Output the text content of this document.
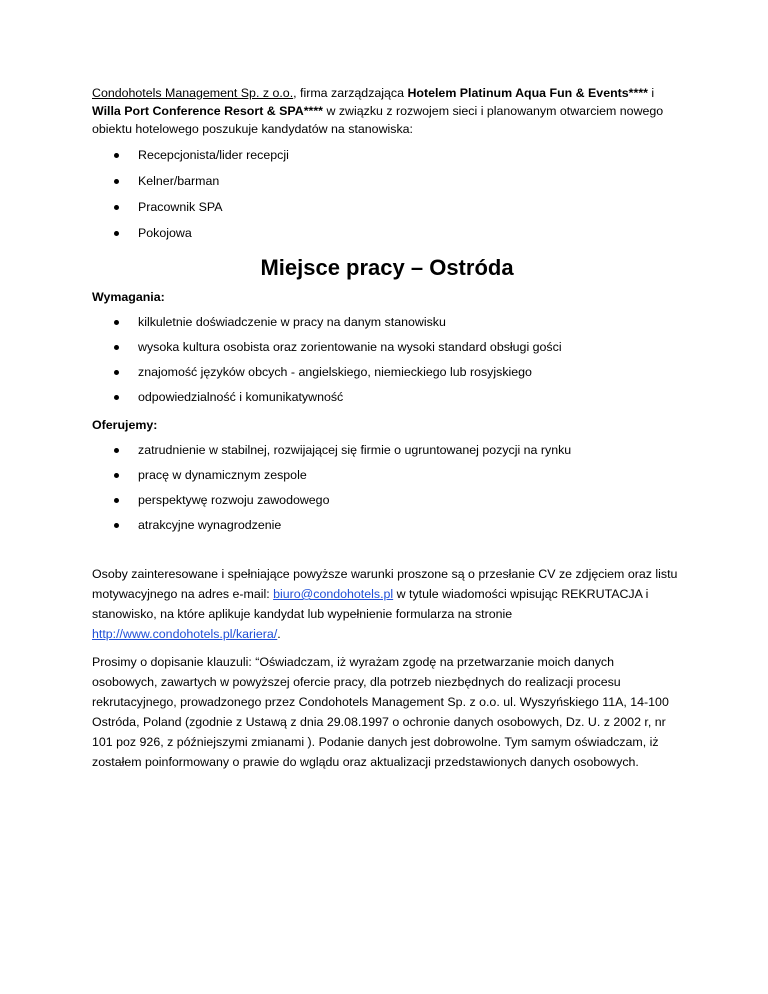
Condohotels Management Sp. z o.o., firma zarządzająca Hotelem Platinum Aqua Fun & Events**** i Willa Port Conference Resort & SPA**** w związku z rozwojem sieci i planowanym otwarciem nowego obiektu hotelowego poszukuje kandydatów na stanowiska:

Recepcjonista/lider recepcji
Kelner/barman
Pracownik SPA
Pokojowa

Miejsce pracy – Ostróda

Wymagania:

kilkuletnie doświadczenie w pracy na danym stanowisku
wysoka kultura osobista oraz zorientowanie na wysoki standard obsługi gości
znajomość języków obcych - angielskiego, niemieckiego lub rosyjskiego
odpowiedzialność i komunikatywność

Oferujemy:

zatrudnienie w stabilnej, rozwijającej się firmie o ugruntowanej pozycji na rynku
pracę w dynamicznym zespole
perspektywę rozwoju zawodowego
atrakcyjne wynagrodzenie

Osoby zainteresowane i spełniające powyższe warunki proszone są o przesłanie CV ze zdjęciem oraz listu motywacyjnego na adres e-mail: biuro@condohotels.pl w tytule wiadomości wpisując REKRUTACJA i stanowisko, na które aplikuje kandydat lub wypełnienie formularza na stronie http://www.condohotels.pl/kariera/.

Prosimy o dopisanie klauzuli: “Oświadczam, iż wyrażam zgodę na przetwarzanie moich danych osobowych, zawartych w powyższej ofercie pracy, dla potrzeb niezbędnych do realizacji procesu rekrutacyjnego, prowadzonego przez Condohotels Management Sp. z o.o. ul. Wyszyńskiego 11A, 14-100 Ostróda, Poland (zgodnie z Ustawą z dnia 29.08.1997 o ochronie danych osobowych, Dz. U. z 2002 r, nr 101 poz 926, z późniejszymi zmianami ). Podanie danych jest dobrowolne. Tym samym oświadczam, iż zostałem poinformowany o prawie do wglądu oraz aktualizacji przedstawionych danych osobowych.
